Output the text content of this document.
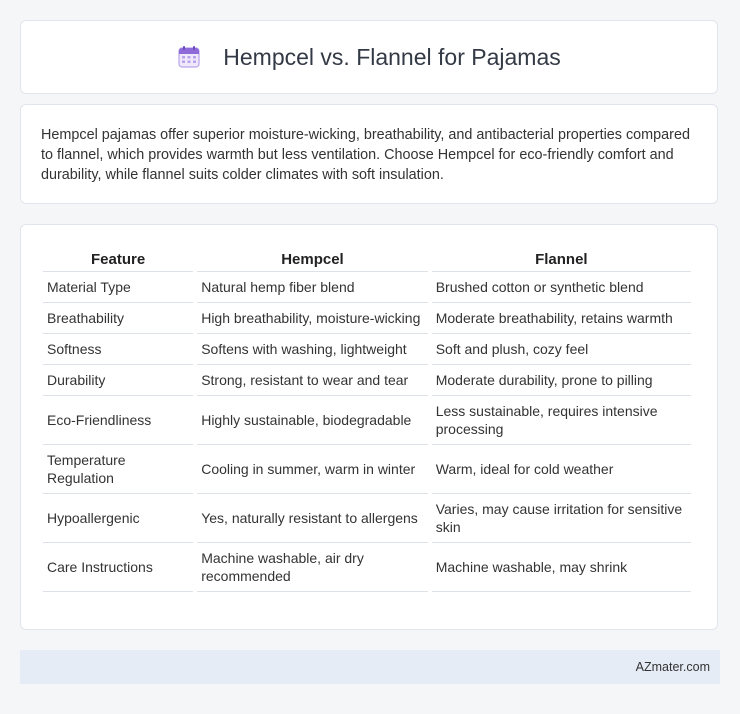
Hempcel vs. Flannel for Pajamas

Hempcel pajamas offer superior moisture-wicking, breathability, and antibacterial properties compared to flannel, which provides warmth but less ventilation. Choose Hempcel for eco-friendly comfort and durability, while flannel suits colder climates with soft insulation.

Feature	Hempcel	Flannel
Material Type	Natural hemp fiber blend	Brushed cotton or synthetic blend
Breathability	High breathability, moisture-wicking	Moderate breathability, retains warmth
Softness	Softens with washing, lightweight	Soft and plush, cozy feel
Durability	Strong, resistant to wear and tear	Moderate durability, prone to pilling
Eco-Friendliness	Highly sustainable, biodegradable	Less sustainable, requires intensive processing
Temperature Regulation	Cooling in summer, warm in winter	Warm, ideal for cold weather
Hypoallergenic	Yes, naturally resistant to allergens	Varies, may cause irritation for sensitive skin
Care Instructions	Machine washable, air dry recommended	Machine washable, may shrink
AZmater.com
